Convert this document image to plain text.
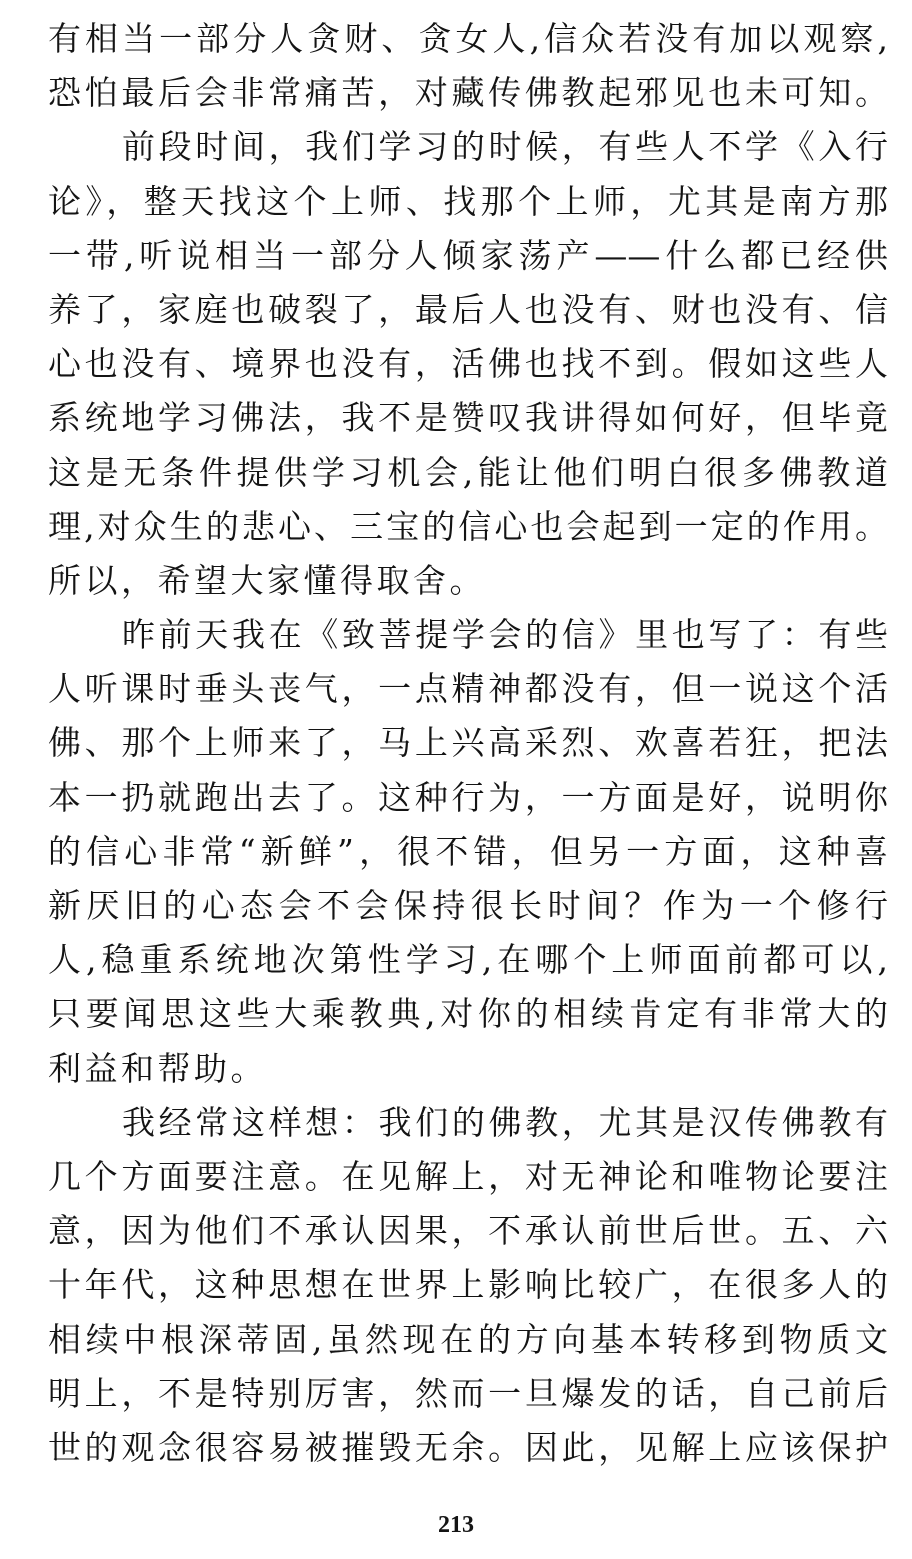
有相当一部分人贪财、贪女人,信众若没有加以观察,
恐怕最后会非常痛苦，对藏传佛教起邪见也未可知。
前段时间，我们学习的时候，有些人不学《入行
论》，整天找这个上师、找那个上师，尤其是南方那
一带,听说相当一部分人倾家荡产——什么都已经供
养了，家庭也破裂了，最后人也没有、财也没有、信
心也没有、境界也没有，活佛也找不到。假如这些人
系统地学习佛法，我不是赞叹我讲得如何好，但毕竟
这是无条件提供学习机会,能让他们明白很多佛教道
理,对众生的悲心、三宝的信心也会起到一定的作用。
所以，希望大家懂得取舍。
昨前天我在《致菩提学会的信》里也写了：有些
人听课时垂头丧气，一点精神都没有，但一说这个活
佛、那个上师来了，马上兴高采烈、欢喜若狂，把法
本一扔就跑出去了。这种行为，一方面是好，说明你
的信心非常“新鲜”，很不错，但另一方面，这种喜
新厌旧的心态会不会保持很长时间？作为一个修行
人,稳重系统地次第性学习,在哪个上师面前都可以,
只要闻思这些大乘教典,对你的相续肯定有非常大的
利益和帮助。
我经常这样想：我们的佛教，尤其是汉传佛教有
几个方面要注意。在见解上，对无神论和唯物论要注
意，因为他们不承认因果，不承认前世后世。五、六
十年代，这种思想在世界上影响比较广，在很多人的
相续中根深蒂固,虽然现在的方向基本转移到物质文
明上，不是特别厉害，然而一旦爆发的话，自己前后
世的观念很容易被摧毁无余。因此，见解上应该保护
213
